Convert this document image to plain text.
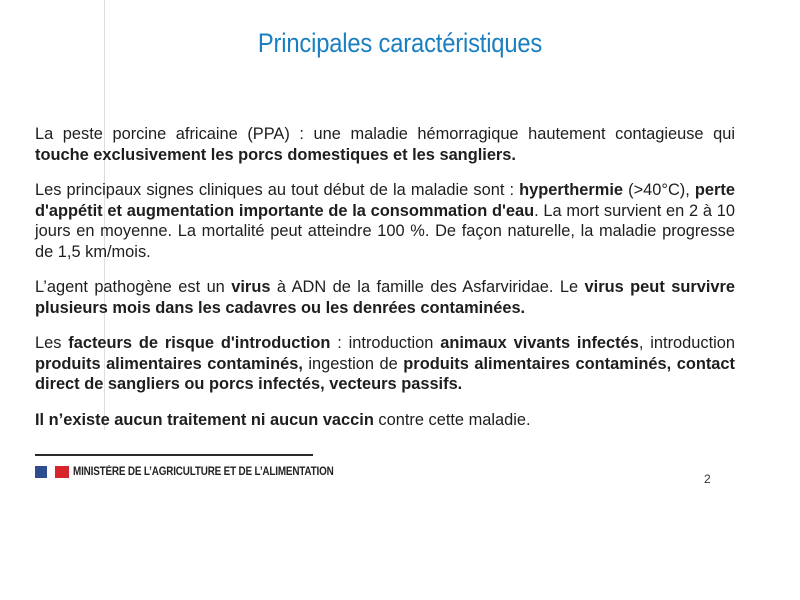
Principales caractéristiques

La peste porcine africaine (PPA) : une maladie hémorragique hautement contagieuse qui touche exclusivement les porcs domestiques et les sangliers.

Les principaux signes cliniques au tout début de la maladie sont : hyperthermie (>40°C), perte d'appétit et augmentation importante de la consommation d'eau. La mort survient en 2 à 10 jours en moyenne. La mortalité peut atteindre 100 %. De façon naturelle, la maladie progresse de 1,5 km/mois.

L’agent pathogène est un virus à ADN de la famille des Asfarviridae. Le virus peut survivre plusieurs mois dans les cadavres ou les denrées contaminées.

Les facteurs de risque d'introduction : introduction animaux vivants infectés, introduction produits alimentaires contaminés, ingestion de produits alimentaires contaminés, contact direct de sangliers ou porcs infectés, vecteurs passifs.

Il n’existe aucun traitement ni aucun vaccin contre cette maladie.

MINISTÈRE DE L’AGRICULTURE ET DE L’ALIMENTATION	2
